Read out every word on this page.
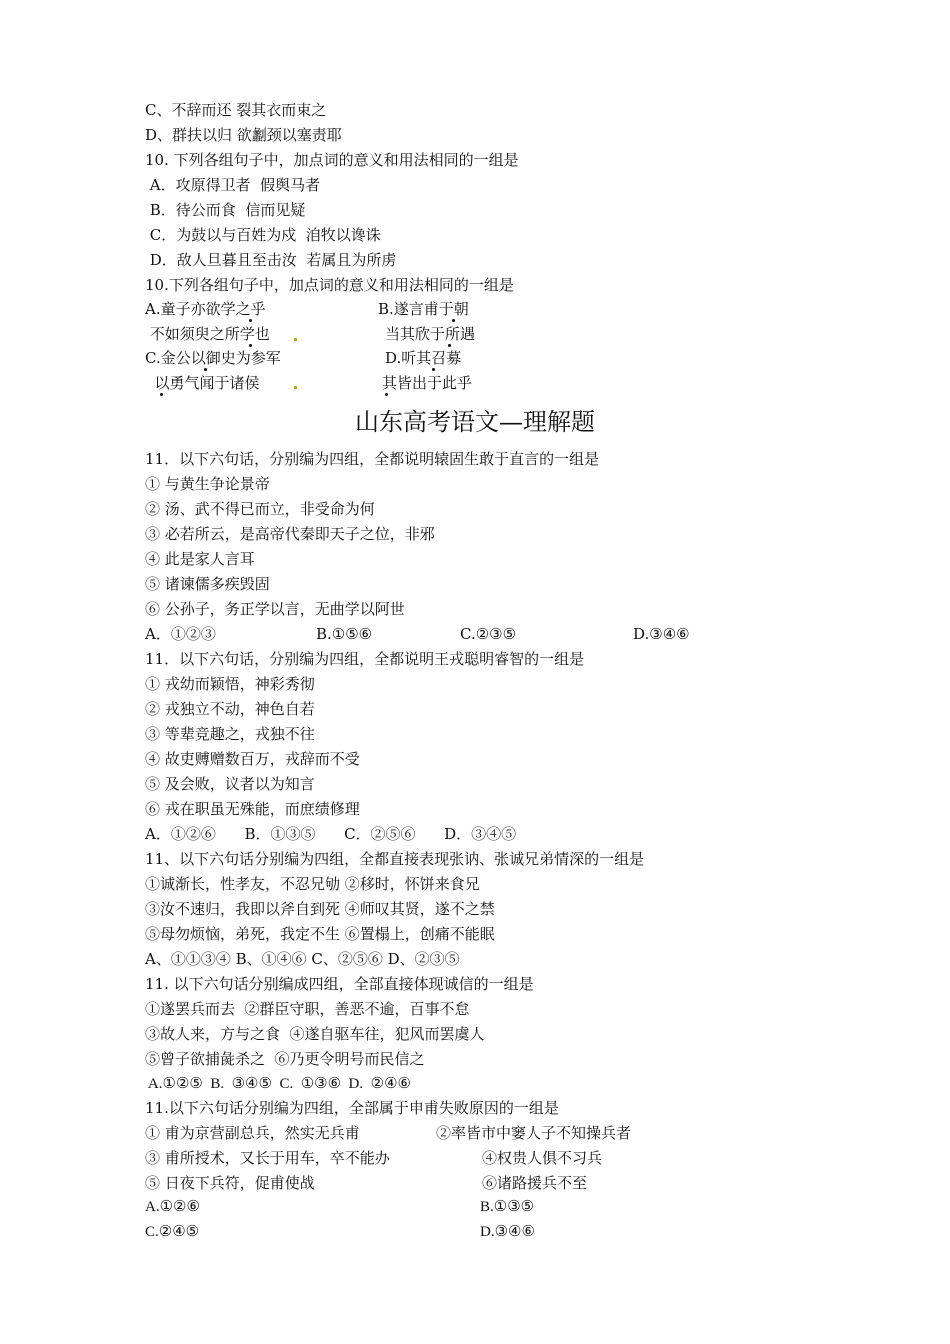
C、不辞而还 裂其衣而束之
D、群扶以归 欲劙颈以塞责耶
10. 下列各组句子中，加点词的意义和用法相同的一组是
A．攻原得卫者  假舆马者
B．待公而食  信而见疑
C．为鼓以与百姓为戍  洎牧以谗诛
D．敌人旦暮且至击汝  若属且为所虏
10.下列各组句子中，加点词的意义和用法相同的一组是
A.童子亦欲学之乎	B.遂言甫于朝
不如须臾之所学也	当其欣于所遇
C.金公以御史为参军	D.听其召募
以勇气闻于诸侯	其皆出于此乎
山东高考语文—理解题
11．以下六句话，分别编为四组，全都说明辕固生敢于直言的一组是
① 与黄生争论景帝
② 汤、武不得已而立，非受命为何
③ 必若所云，是高帝代秦即天子之位，非邪
④ 此是家人言耳
⑤ 诸谏儒多疾毁固
⑥ 公孙子，务正学以言，无曲学以阿世
A．①②③	B.①⑤⑥	C.②③⑤	D.③④⑥
11．以下六句话，分别编为四组，全都说明王戎聪明睿智的一组是
① 戎幼而颖悟，神彩秀彻
② 戎独立不动，神色自若
③ 等辈竞趣之，戎独不往
④ 故吏赙赠数百万，戎辞而不受
⑤ 及会败，议者以为知言
⑥ 戎在职虽无殊能，而庶绩修理
A．①②⑥      B．①③⑤      C．②⑤⑥      D．③④⑤
11、以下六句话分别编为四组，全都直接表现张讷、张诚兄弟情深的一组是
①诚渐长，性孝友，不忍兄劬 ②移时，怀饼来食兄
③汝不速归，我即以斧自到死 ④师叹其贤，遂不之禁
⑤母勿烦恼，弟死，我定不生 ⑥置榻上，创痛不能眠
A、①①③④ B、①④⑥ C、②⑤⑥ D、②③⑤
11. 以下六句话分别编成四组，全部直接体现诚信的一组是
①遂罢兵而去  ②群臣守职，善恶不逾，百事不怠
③故人来，方与之食  ④遂自驱车往，犯风而罢虞人
⑤曾子欲捕彘杀之  ⑥乃更令明号而民信之
A.①②⑤  B.  ③④⑤  C.  ①③⑥  D.  ②④⑥
11.以下六句话分别编为四组，全部属于申甫失败原因的一组是
① 甫为京营副总兵，然实无兵甫	②率皆市中窭人子不知操兵者
③ 甫所授术，又长于用车，卒不能办	④权贵人俱不习兵
⑤ 日夜下兵符，促甫使战	⑥诸路援兵不至
A.①②⑥	B.①③⑤
C.②④⑤	D.③④⑥
